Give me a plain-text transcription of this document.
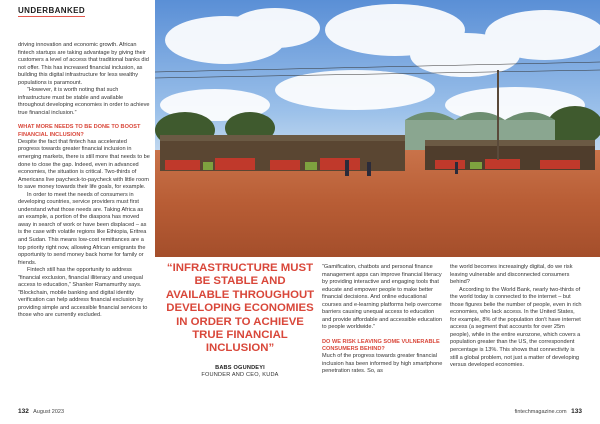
UNDERBANKED

driving innovation and economic growth. African fintech startups are taking advantage by giving their customers a level of access that traditional banks did not offer. This has increased financial inclusion, as building this digital infrastructure for less wealthy populations is paramount.

“However, it is worth noting that such infrastructure must be stable and available throughout developing economies in order to achieve true financial inclusion.”

WHAT MORE NEEDS TO BE DONE TO BOOST FINANCIAL INCLUSION?

Despite the fact that fintech has accelerated progress towards greater financial inclusion in emerging markets, there is still more that needs to be done to close the gap. Indeed, even in advanced economies, the situation is critical. Two-thirds of Americans live paycheck-to-paycheck with little room to save money towards their life goals, for example.

In order to meet the needs of consumers in developing countries, service providers must first understand what those needs are. Taking Africa as an example, a portion of the diaspora has moved away in search of work or have been displaced – as is the case with volatile regions like Ethiopia, Eritrea and Sudan. This means low-cost remittances are a top priority right now, allowing African emigrants the opportunity to send money back home for family or friends.

Fintech still has the opportunity to address “financial exclusion, financial illiteracy and unequal access to education,” Shanker Ramamurthy says. “Blockchain, mobile banking and digital identity verification can help address financial exclusion by providing simple and accessible financial services to those who are currently excluded.

“INFRASTRUCTURE MUST BE STABLE AND AVAILABLE THROUGHOUT DEVELOPING ECONOMIES IN ORDER TO ACHIEVE TRUE FINANCIAL INCLUSION”
BABS OGUNDEYI
FOUNDER AND CEO, KUDA

“Gamification, chatbots and personal finance management apps can improve financial literacy by providing interactive and engaging tools that educate and empower people to make better financial decisions. And online educational courses and e-learning platforms help overcome barriers causing unequal access to education and provide affordable and accessible education to people worldwide.”

DO WE RISK LEAVING SOME VULNERABLE CONSUMERS BEHIND?

Much of the progress towards greater financial inclusion has been informed by high smartphone penetration rates. So, as

the world becomes increasingly digital, do we risk leaving vulnerable and disconnected consumers behind?

According to the World Bank, nearly two-thirds of the world today is connected to the internet – but those figures belie the number of people, even in rich economies, who lack access. In the United States, for example, 8% of the population don't have internet access (a segment that accounts for over 25m people), while in the entire eurozone, which covers a population greater than the US, the correspondent percentage is 13%. This shows that connectivity is still a global problem, not just a matter of developing versus developed economies.

132 August 2023	fintechmagazine.com 133
